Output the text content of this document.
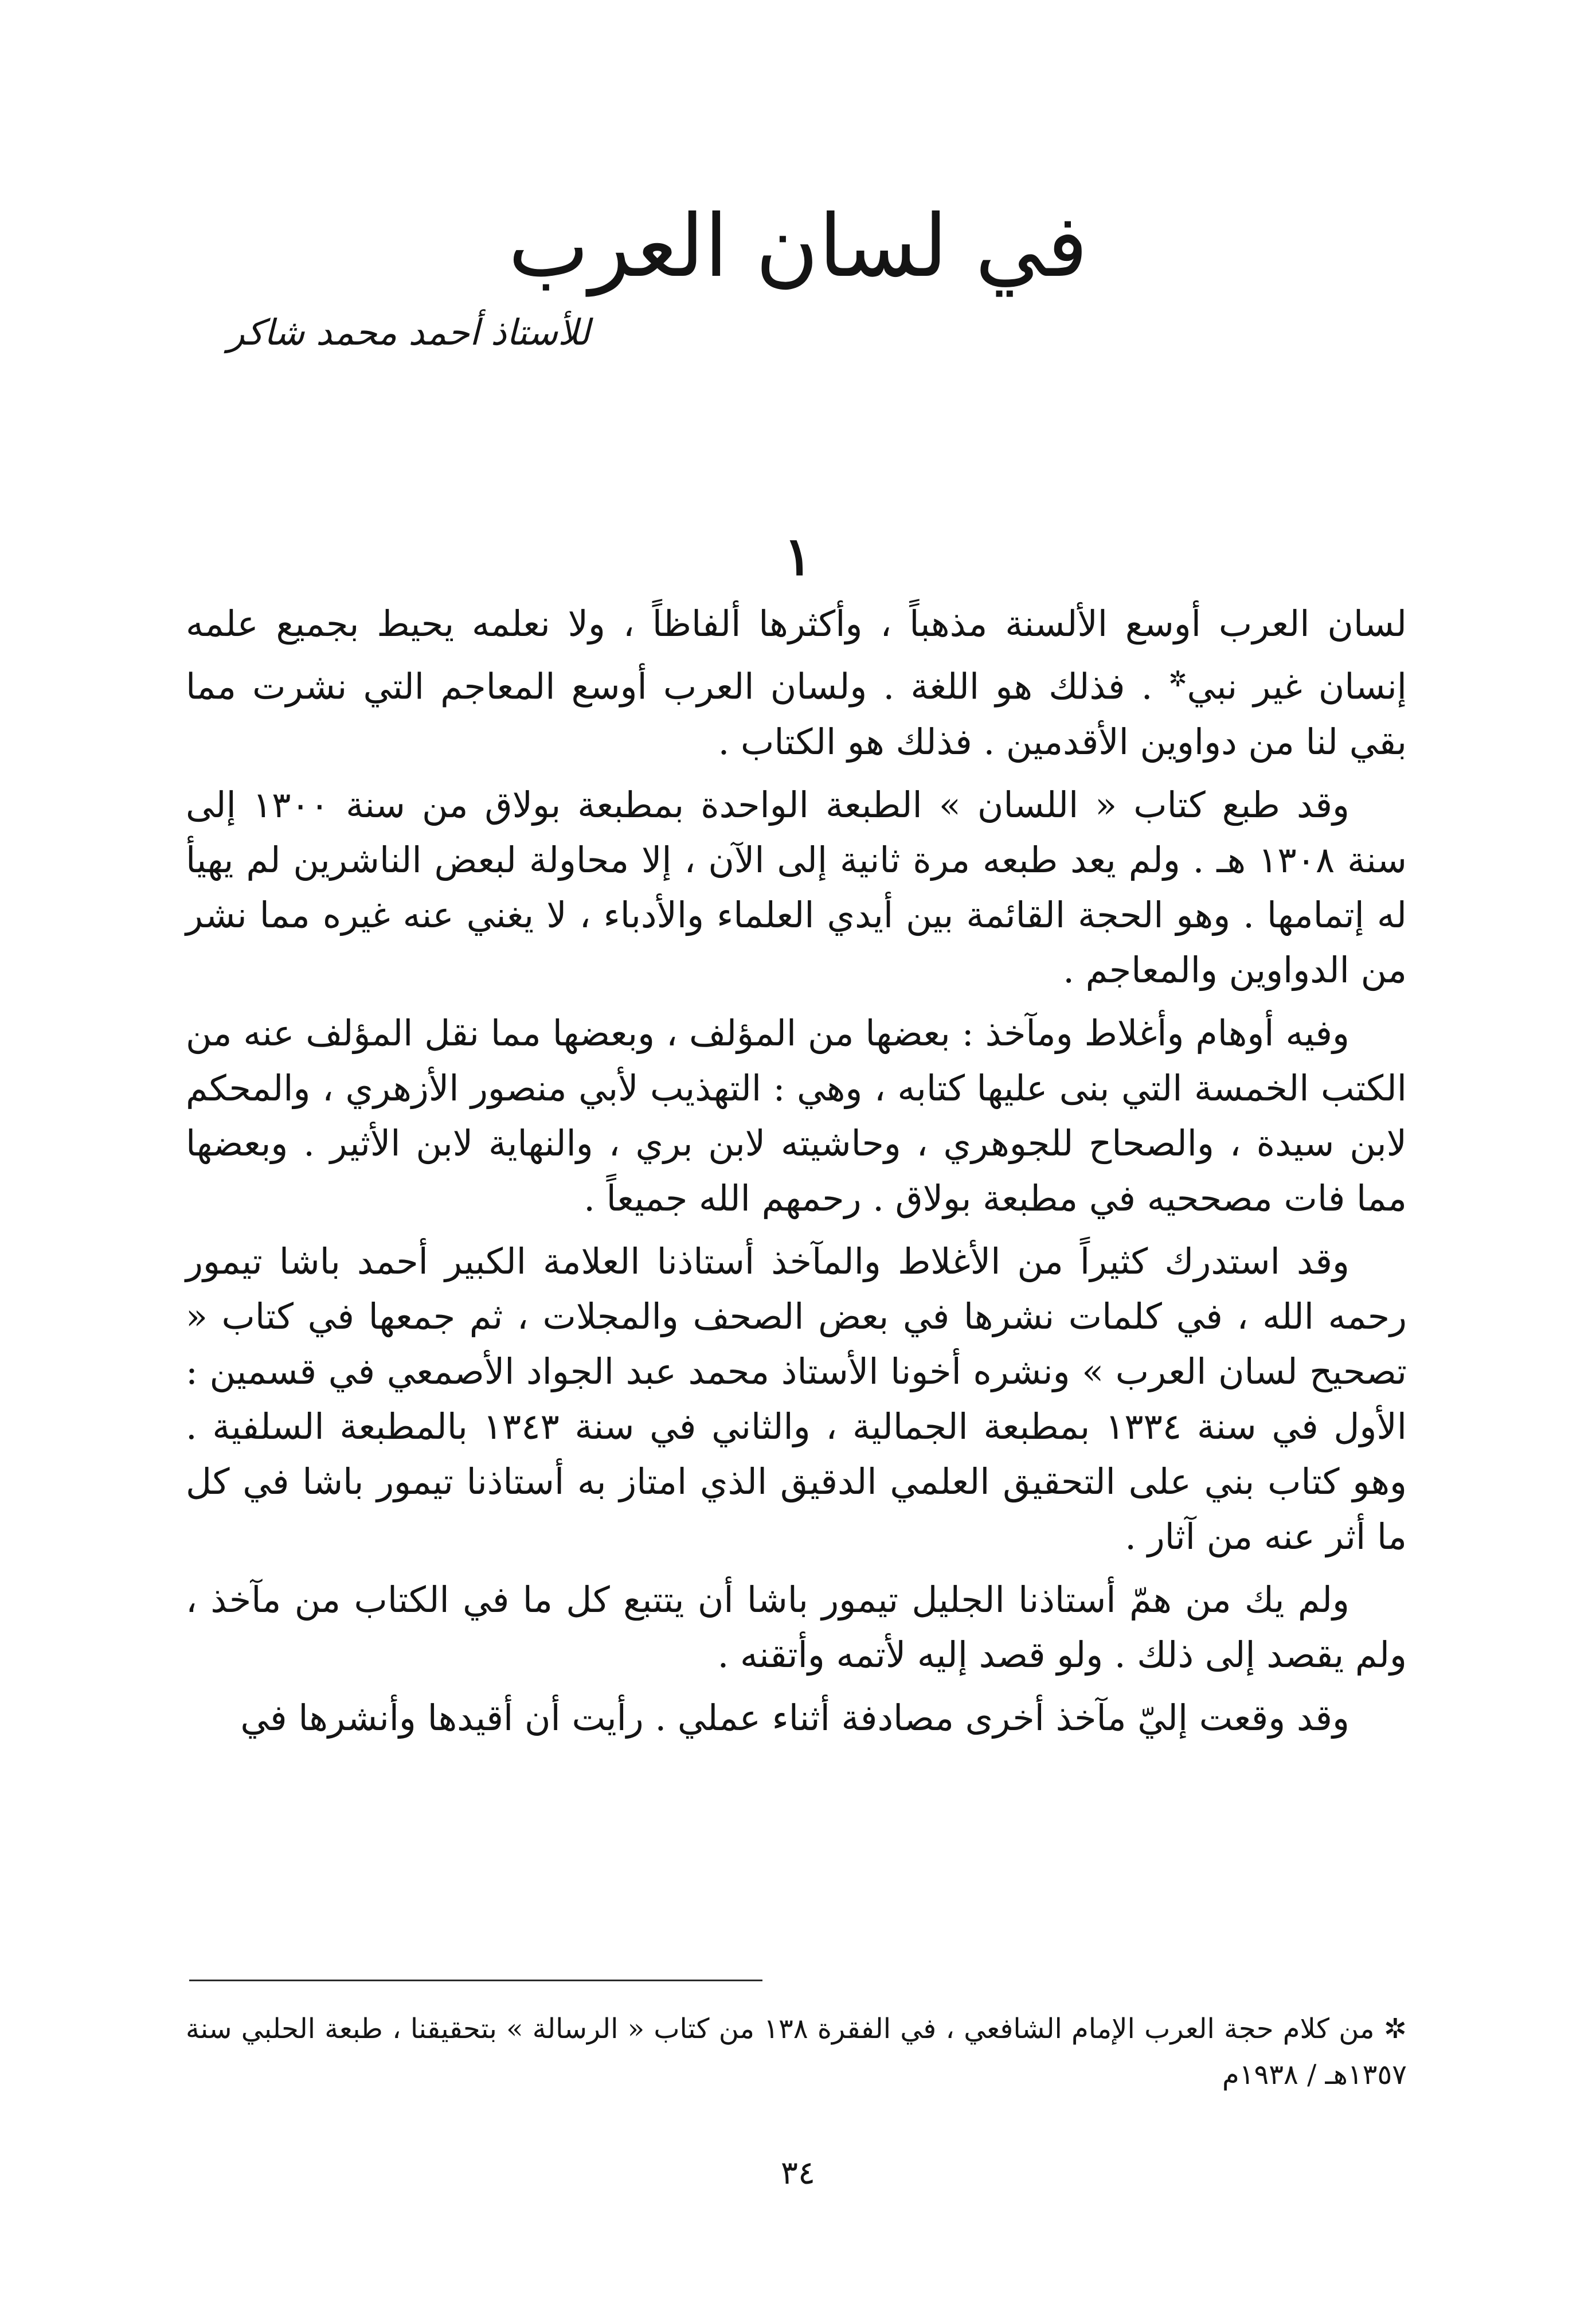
في لسان العرب
للأستاذ أحمد محمد شاكر
١

لسان العرب أوسع الألسنة مذهباً ، وأكثرها ألفاظاً ، ولا نعلمه يحيط بجميع علمه إنسان غير نبي✲ . فذلك هو اللغة . ولسان العرب أوسع المعاجم التي نشرت مما بقي لنا من دواوين الأقدمين . فذلك هو الكتاب .

وقد طبع كتاب « اللسان » الطبعة الواحدة بمطبعة بولاق من سنة ١٣٠٠ إلى سنة ١٣٠٨ هـ . ولم يعد طبعه مرة ثانية إلى الآن ، إلا محاولة لبعض الناشرين لم يهيأ له إتمامها . وهو الحجة القائمة بين أيدي العلماء والأدباء ، لا يغني عنه غيره مما نشر من الدواوين والمعاجم .

وفيه أوهام وأغلاط ومآخذ : بعضها من المؤلف ، وبعضها مما نقل المؤلف عنه من الكتب الخمسة التي بنى عليها كتابه ، وهي : التهذيب لأبي منصور الأزهري ، والمحكم لابن سيدة ، والصحاح للجوهري ، وحاشيته لابن بري ، والنهاية لابن الأثير . وبعضها مما فات مصححيه في مطبعة بولاق . رحمهم الله جميعاً .

وقد استدرك كثيراً من الأغلاط والمآخذ أستاذنا العلامة الكبير أحمد باشا تيمور رحمه الله ، في كلمات نشرها في بعض الصحف والمجلات ، ثم جمعها في كتاب « تصحيح لسان العرب » ونشره أخونا الأستاذ محمد عبد الجواد الأصمعي في قسمين : الأول في سنة ١٣٣٤ بمطبعة الجمالية ، والثاني في سنة ١٣٤٣ بالمطبعة السلفية . وهو كتاب بني على التحقيق العلمي الدقيق الذي امتاز به أستاذنا تيمور باشا في كل ما أثر عنه من آثار .

ولم يك من همّ أستاذنا الجليل تيمور باشا أن يتتبع كل ما في الكتاب من مآخذ ، ولم يقصد إلى ذلك . ولو قصد إليه لأتمه وأتقنه .

وقد وقعت إليّ مآخذ أخرى مصادفة أثناء عملي . رأيت أن أقيدها وأنشرها في

✲ من كلام حجة العرب الإمام الشافعي ، في الفقرة ١٣٨ من كتاب « الرسالة » بتحقيقنا ، طبعة الحلبي سنة ١٣٥٧هـ / ١٩٣٨م
٣٤
